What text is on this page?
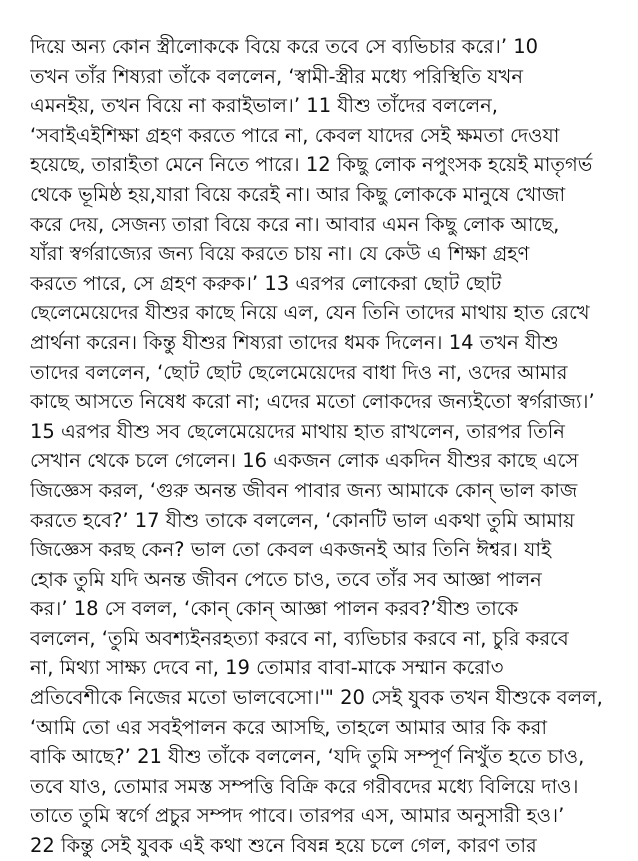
দিয়ে অন্য কোন স্ত্রীলোককে বিয়ে করে তবে সে ব্যভিচার করে।’ 10
তখন তাঁর শিষ্যরা তাঁকে বললেন, ‘স্বামী-স্ত্রীর মধ্যে পরিস্থিতি যখন
এমনইয়, তখন বিয়ে না করাইভাল।’ 11 যীশু তাঁদের বললেন,
‘সবাইএইশিক্ষা গ্রহণ করতে পারে না, কেবল যাদের সেই ক্ষমতা দেওযা
হয়েছে, তারাইতা মেনে নিতে পারে। 12 কিছু লোক নপুংসক হয়েই মাতৃগর্ভ
থেকে ভূমিষ্ঠ হয়,যারা বিয়ে করেই না। আর কিছু লোককে মানুষে খোজা
করে দেয়, সেজন্য তারা বিয়ে করে না। আবার এমন কিছু লোক আছে,
যাঁরা স্বর্গরাজ্যের জন্য বিয়ে করতে চায় না। যে কেউ এ শিক্ষা গ্রহণ
করতে পারে, সে গ্রহণ করুক।’ 13 এরপর লোকেরা ছোট ছোট
ছেলেমেয়েদের যীশুর কাছে নিয়ে এল, যেন তিনি তাদের মাথায় হাত রেখে
প্রার্থনা করেন। কিন্তু যীশুর শিষ্যরা তাদের ধমক দিলেন। 14 তখন যীশু
তাদের বললেন, ‘ছোট ছোট ছেলেমেয়েদের বাধা দিও না, ওদের আমার
কাছে আসতে নিষেধ করো না; এদের মতো লোকদের জন্যইতো স্বর্গরাজ্য।’
15 এরপর যীশু সব ছেলেমেয়েদের মাথায় হাত রাখলেন, তারপর তিনি
সেখান থেকে চলে গেলেন। 16 একজন লোক একদিন যীশুর কাছে এসে
জিজ্ঞেস করল, ‘গুরু অনন্ত জীবন পাবার জন্য আমাকে কোন্ ভাল কাজ
করতে হবে?’ 17 যীশু তাকে বললেন, ‘কোনটি ভাল একথা তুমি আমায়
জিজ্ঞেস করছ কেন? ভাল তো কেবল একজনই আর তিনি ঈশ্বর। যাই
হোক তুমি যদি অনন্ত জীবন পেতে চাও, তবে তাঁর সব আজ্ঞা পালন
কর।’ 18 সে বলল, ‘কোন্ কোন্ আজ্ঞা পালন করব?’যীশু তাকে
বললেন, ‘তুমি অবশ্যইনরহত্যা করবে না, ব্যভিচার করবে না, চুরি করবে
না, মিথ্যা সাক্ষ্য দেবে না, 19 তোমার বাবা-মাকে সম্মান করো৩
প্রতিবেশীকে নিজের মতো ভালবেসো।'" 20 সেই যুবক তখন যীশুকে বলল,
‘আমি তো এর সবইপালন করে আসছি, তাহলে আমার আর কি করা
বাকি আছে?’ 21 যীশু তাঁকে বললেন, ‘যদি তুমি সম্পূর্ণ নিখুঁত হতে চাও,
তবে যাও, তোমার সমস্ত সম্পত্তি বিক্রি করে গরীবদের মধ্যে বিলিয়ে দাও।
তাতে তুমি স্বর্গে প্রচুর সম্পদ পাবে। তারপর এস, আমার অনুসারী হও।’
22 কিন্তু সেই যুবক এই কথা শুনে বিষন্ন হয়ে চলে গেল, কারণ তার
